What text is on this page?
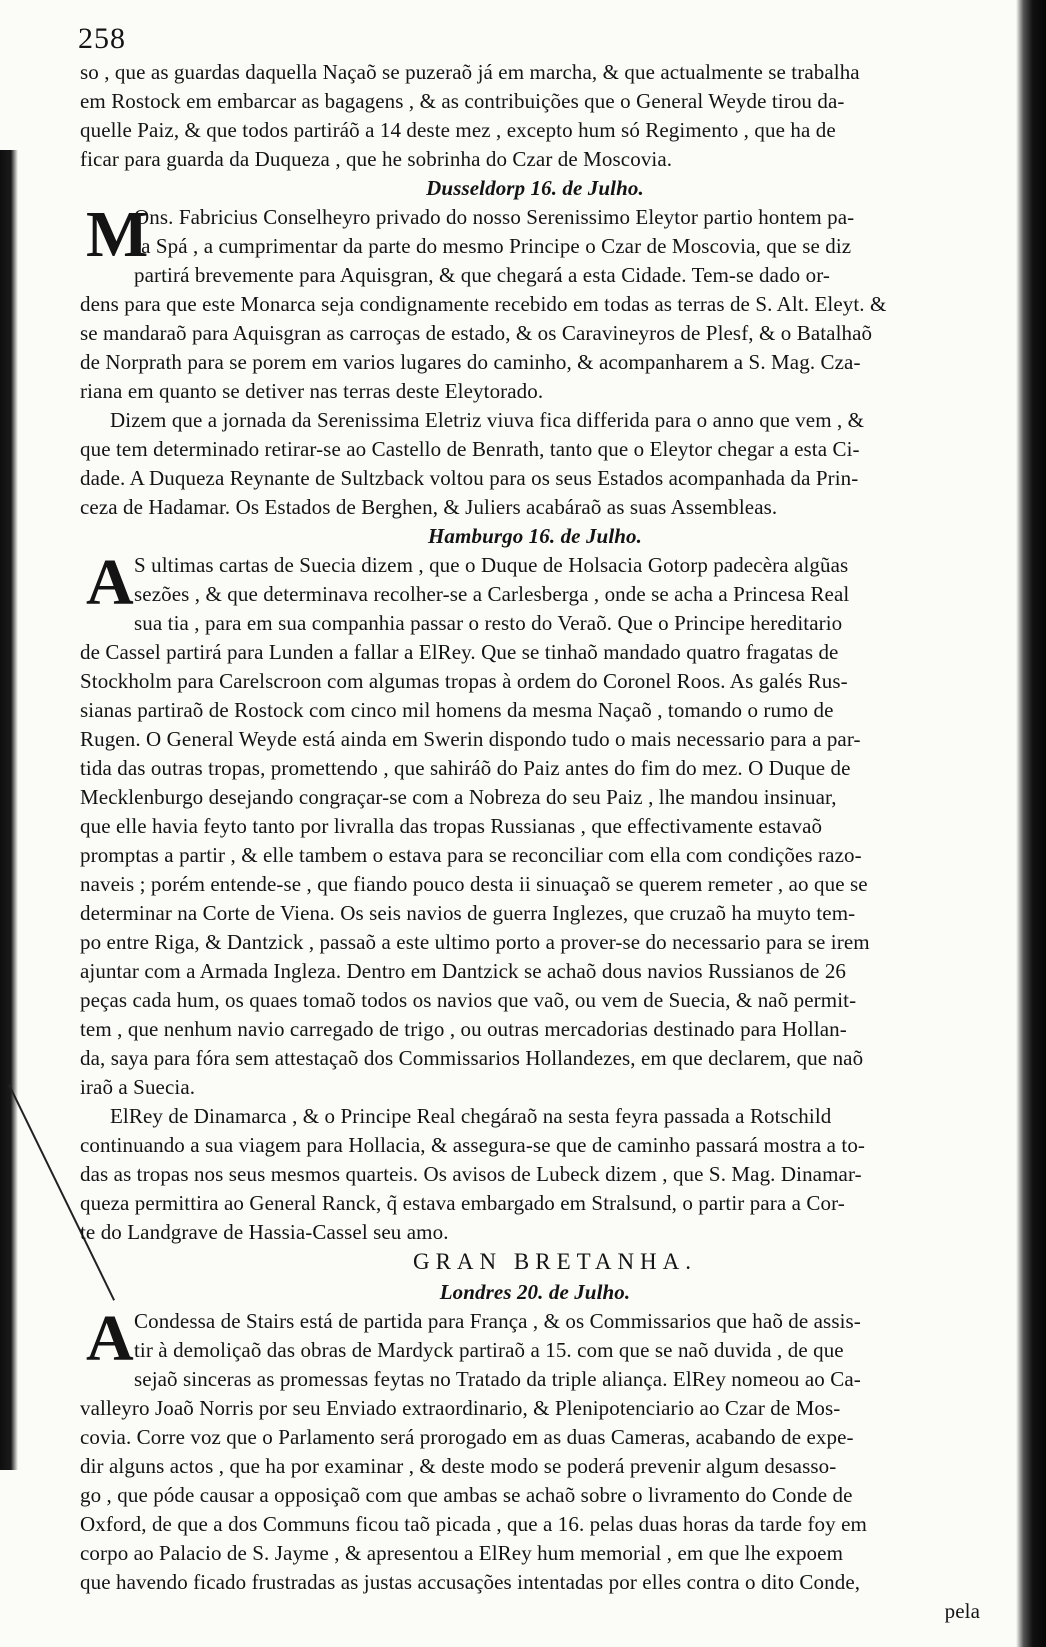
258
so , que as guardas daquella Naçaõ se puzeraõ já em marcha, & que actualmente se trabalha
em Rostock em embarcar as bagagens , & as contribuições que o General Weyde tirou da-
quelle Paiz, & que todos partiráõ a 14 deste mez , excepto hum só Regimento , que ha de
ficar para guarda da Duqueza , que he sobrinha do Czar de Moscovia.
Dusseldorp 16. de Julho.
M
Ons. Fabricius Conselheyro privado do nosso Serenissimo Eleytor partio hontem pa-
ra Spá , a cumprimentar da parte do mesmo Principe o Czar de Moscovia, que se diz
partirá brevemente para Aquisgran, & que chegará a esta Cidade. Tem-se dado or-
dens para que este Monarca seja condignamente recebido em todas as terras de S. Alt. Eleyt. &
se mandaraõ para Aquisgran as carroças de estado, & os Caravineyros de Plesf, & o Batalhaõ
de Norprath para se porem em varios lugares do caminho, & acompanharem a S. Mag. Cza-
riana em quanto se detiver nas terras deste Eleytorado.
Dizem que a jornada da Serenissima Eletriz viuva fica differida para o anno que vem , &
que tem determinado retirar-se ao Castello de Benrath, tanto que o Eleytor chegar a esta Ci-
dade. A Duqueza Reynante de Sultzback voltou para os seus Estados acompanhada da Prin-
ceza de Hadamar. Os Estados de Berghen, & Juliers acabáraõ as suas Assembleas.
Hamburgo 16. de Julho.
A S ultimas cartas de Suecia dizem , que o Duque de Holsacia Gotorp padecèra algũas
sezões , & que determinava recolher-se a Carlesberga , onde se acha a Princesa Real
sua tia , para em sua companhia passar o resto do Veraõ. Que o Principe hereditario
de Cassel partirá para Lunden a fallar a ElRey. Que se tinhaõ mandado quatro fragatas de
Stockholm para Carelscroon com algumas tropas à ordem do Coronel Roos. As galés Rus-
sianas partiraõ de Rostock com cinco mil homens da mesma Naçaõ , tomando o rumo de
Rugen. O General Weyde está ainda em Swerin dispondo tudo o mais necessario para a par-
tida das outras tropas, promettendo , que sahiráõ do Paiz antes do fim do mez. O Duque de
Mecklenburgo desejando congraçar-se com a Nobreza do seu Paiz , lhe mandou insinuar,
que elle havia feyto tanto por livralla das tropas Russianas , que effectivamente estavaõ
promptas a partir , & elle tambem o estava para se reconciliar com ella com condições razo-
naveis ; porém entende-se , que fiando pouco desta ii sinuaçaõ se querem remeter , ao que se
determinar na Corte de Viena. Os seis navios de guerra Inglezes, que cruzaõ ha muyto tem-
po entre Riga, & Dantzick , passaõ a este ultimo porto a prover-se do necessario para se irem
ajuntar com a Armada Ingleza. Dentro em Dantzick se achaõ dous navios Russianos de 26
peças cada hum, os quaes tomaõ todos os navios que vaõ, ou vem de Suecia, & naõ permit-
tem , que nenhum navio carregado de trigo , ou outras mercadorias destinado para Hollan-
da, saya para fóra sem attestaçaõ dos Commissarios Hollandezes, em que declarem, que naõ
iraõ a Suecia.
ElRey de Dinamarca , & o Principe Real chegáraõ na sesta feyra passada a Rotschild
continuando a sua viagem para Hollacia, & assegura-se que de caminho passará mostra a to-
das as tropas nos seus mesmos quarteis. Os avisos de Lubeck dizem , que S. Mag. Dinamar-
queza permittira ao General Ranck, q̃ estava embargado em Stralsund, o partir para a Cor-
te do Landgrave de Hassia-Cassel seu amo.
GRAN BRETANHA.
Londres 20. de Julho.
A Condessa de Stairs está de partida para França , & os Commissarios que haõ de assis-
tir à demoliçaõ das obras de Mardyck partiraõ a 15. com que se naõ duvida , de que
sejaõ sinceras as promessas feytas no Tratado da triple aliança. ElRey nomeou ao Ca-
valleyro Joaõ Norris por seu Enviado extraordinario, & Plenipotenciario ao Czar de Mos-
covia. Corre voz que o Parlamento será prorogado em as duas Cameras, acabando de expe-
dir alguns actos , que ha por examinar , & deste modo se poderá prevenir algum desasso-
go , que póde causar a opposiçaõ com que ambas se achaõ sobre o livramento do Conde de
Oxford, de que a dos Communs ficou taõ picada , que a 16. pelas duas horas da tarde foy em
corpo ao Palacio de S. Jayme , & apresentou a ElRey hum memorial , em que lhe expoem
que havendo ficado frustradas as justas accusações intentadas por elles contra o dito Conde,
pela
